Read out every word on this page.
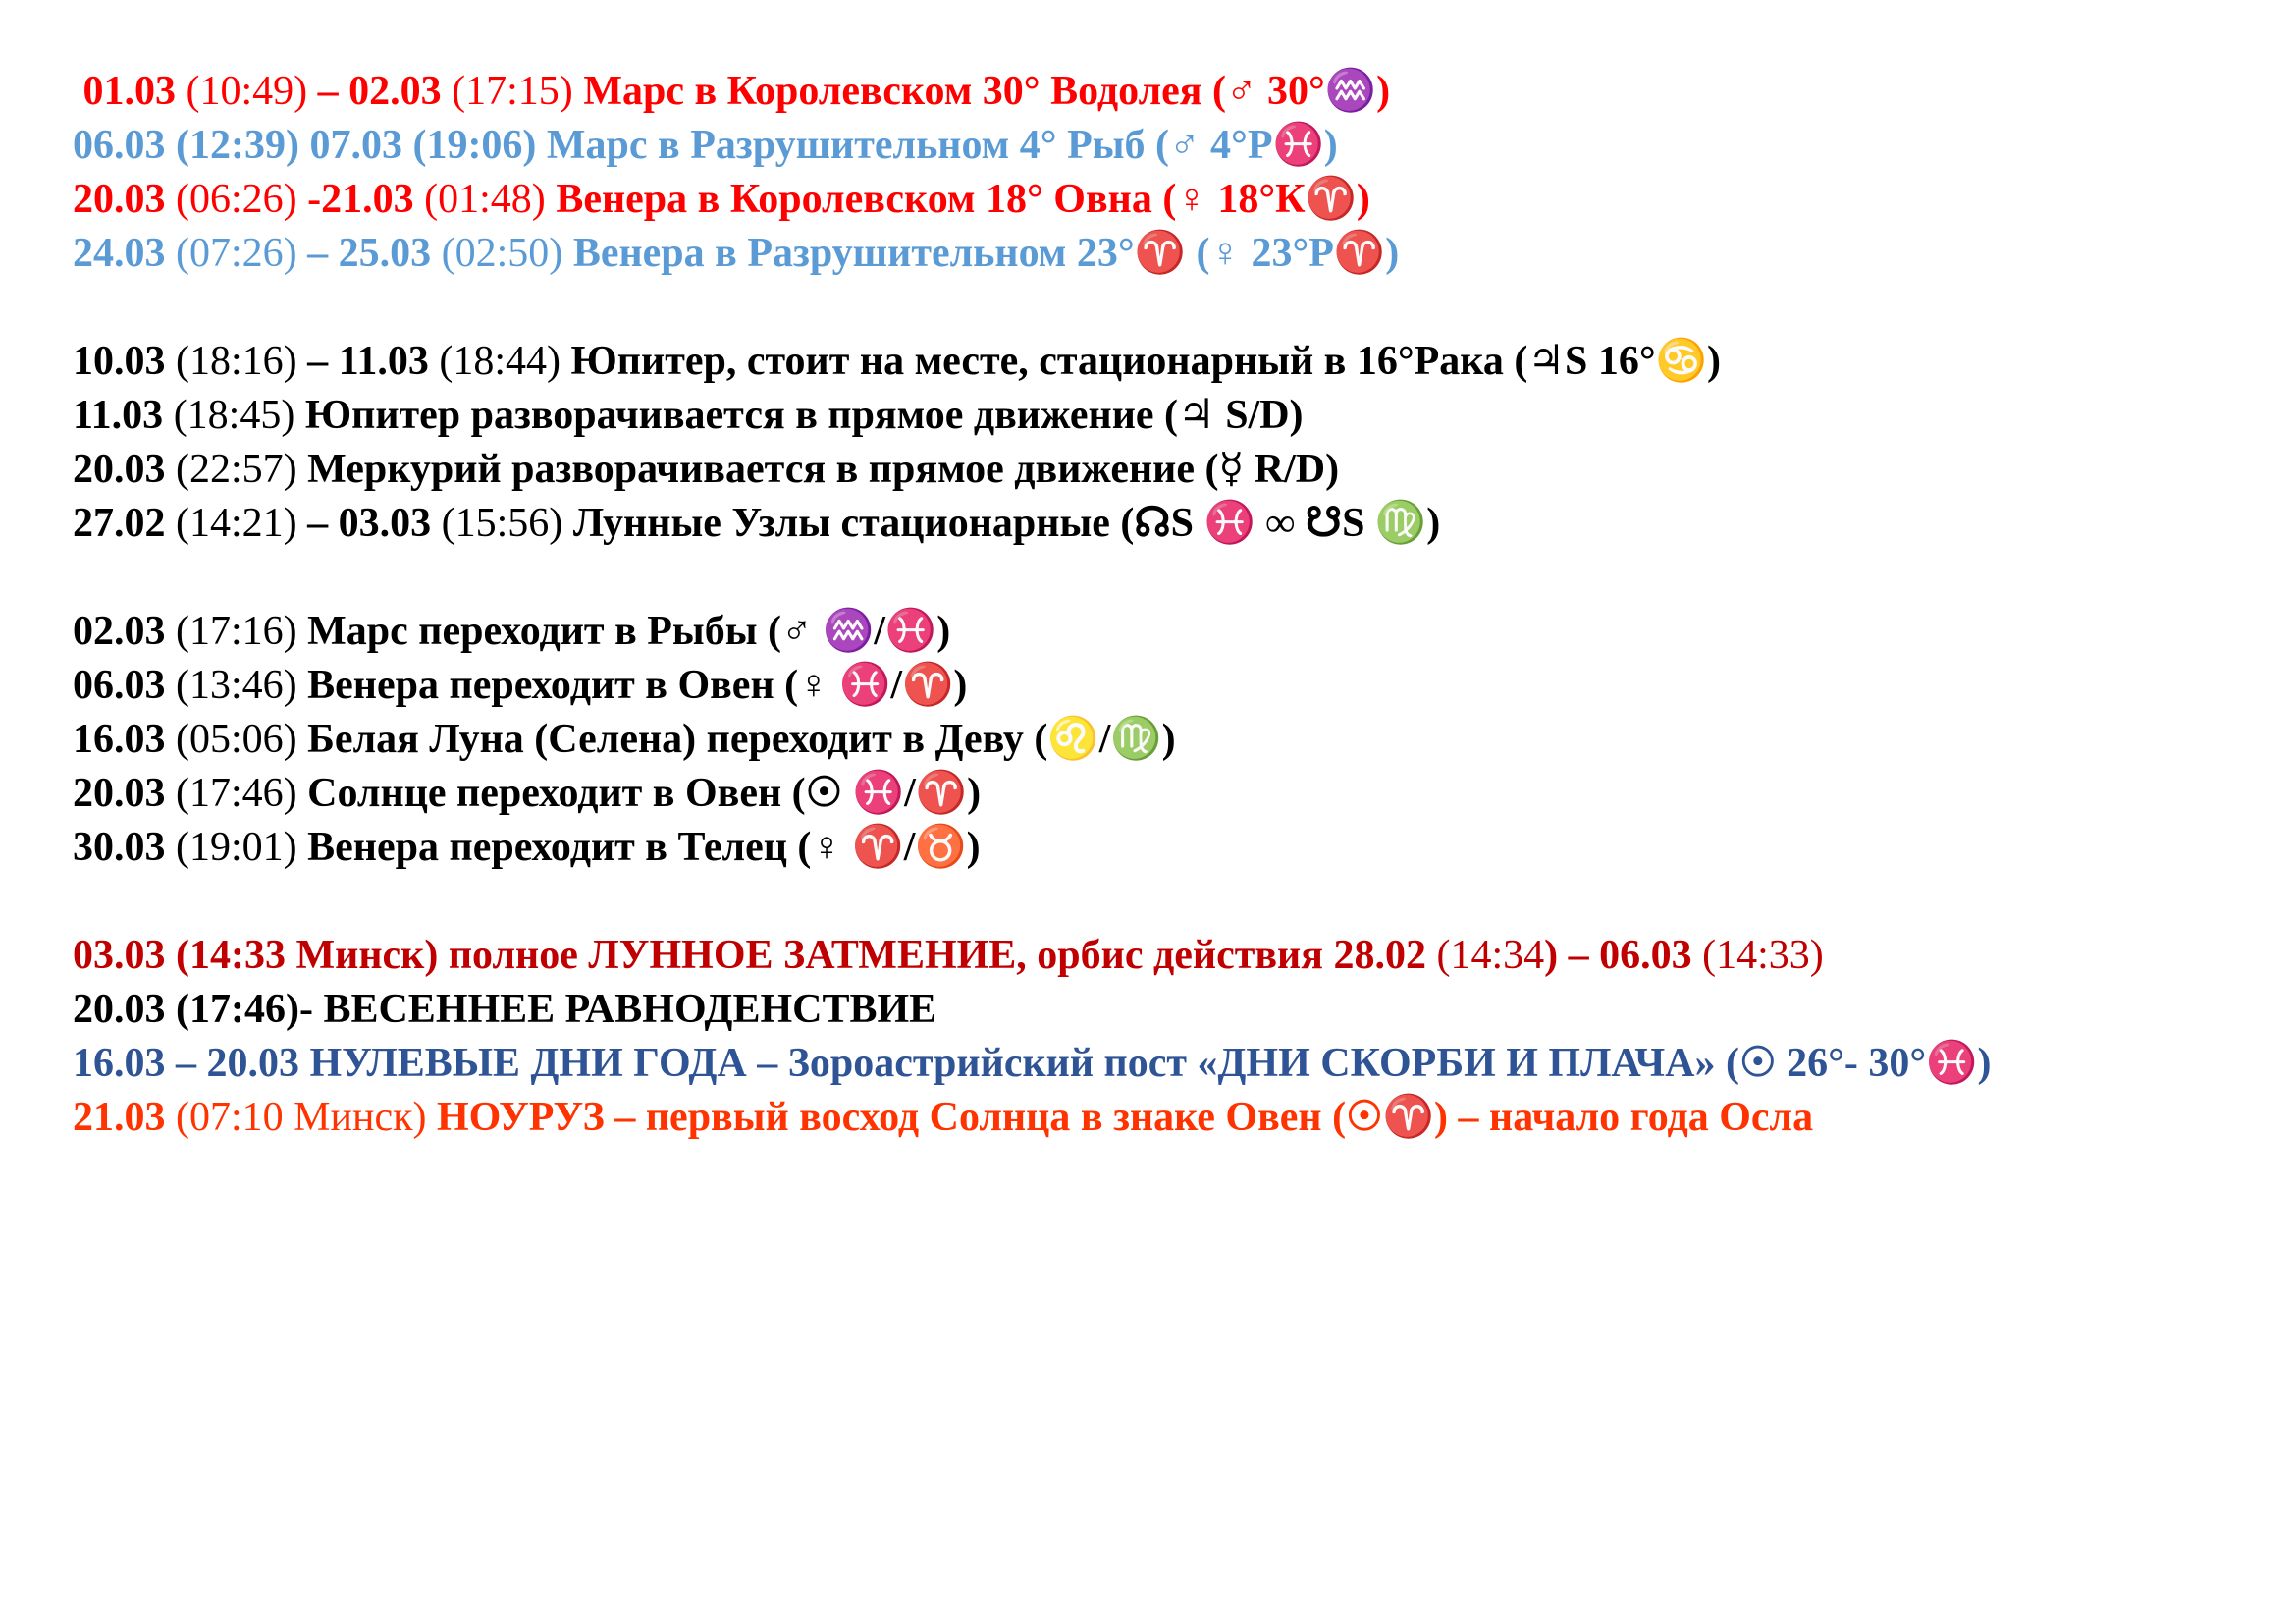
01.03 (10:49) – 02.03 (17:15) Марс в Королевском 30° Водолея (♂ 30°♒)

06.03 (12:39) 07.03 (19:06) Марс в Разрушительном 4° Рыб (♂ 4°Р♓)

20.03 (06:26) -21.03 (01:48) Венера в Королевском 18° Овна (♀ 18°К♈)

24.03 (07:26) – 25.03 (02:50) Венера в Разрушительном 23°♈ (♀ 23°Р♈)

10.03 (18:16) – 11.03 (18:44) Юпитер, стоит на месте, стационарный в 16°Рака (♃S 16°♋)

11.03 (18:45) Юпитер разворачивается в прямое движение (♃ S/D)

20.03 (22:57) Меркурий разворачивается в прямое движение (☿ R/D)

27.02 (14:21) – 03.03 (15:56) Лунные Узлы стационарные (☊S ♓ ∞ ☋S ♍)

02.03 (17:16) Марс переходит в Рыбы (♂ ♒/♓)

06.03 (13:46) Венера переходит в Овен (♀ ♓/♈)

16.03 (05:06) Белая Луна (Селена) переходит в Деву (♌/♍)

20.03 (17:46) Солнце переходит в Овен (☉ ♓/♈)

30.03 (19:01) Венера переходит в Телец (♀ ♈/♉)

03.03 (14:33 Минск) полное ЛУННОЕ ЗАТМЕНИЕ, орбис действия 28.02 (14:34) – 06.03 (14:33)

20.03 (17:46)- ВЕСЕННЕЕ РАВНОДЕНСТВИЕ

16.03 – 20.03 НУЛЕВЫЕ ДНИ ГОДА – Зороастрийский пост «ДНИ СКОРБИ И ПЛАЧА» (☉ 26°- 30°♓)

21.03 (07:10 Минск) НОУРУЗ – первый восход Солнца в знаке Овен (☉♈) – начало года Осла
